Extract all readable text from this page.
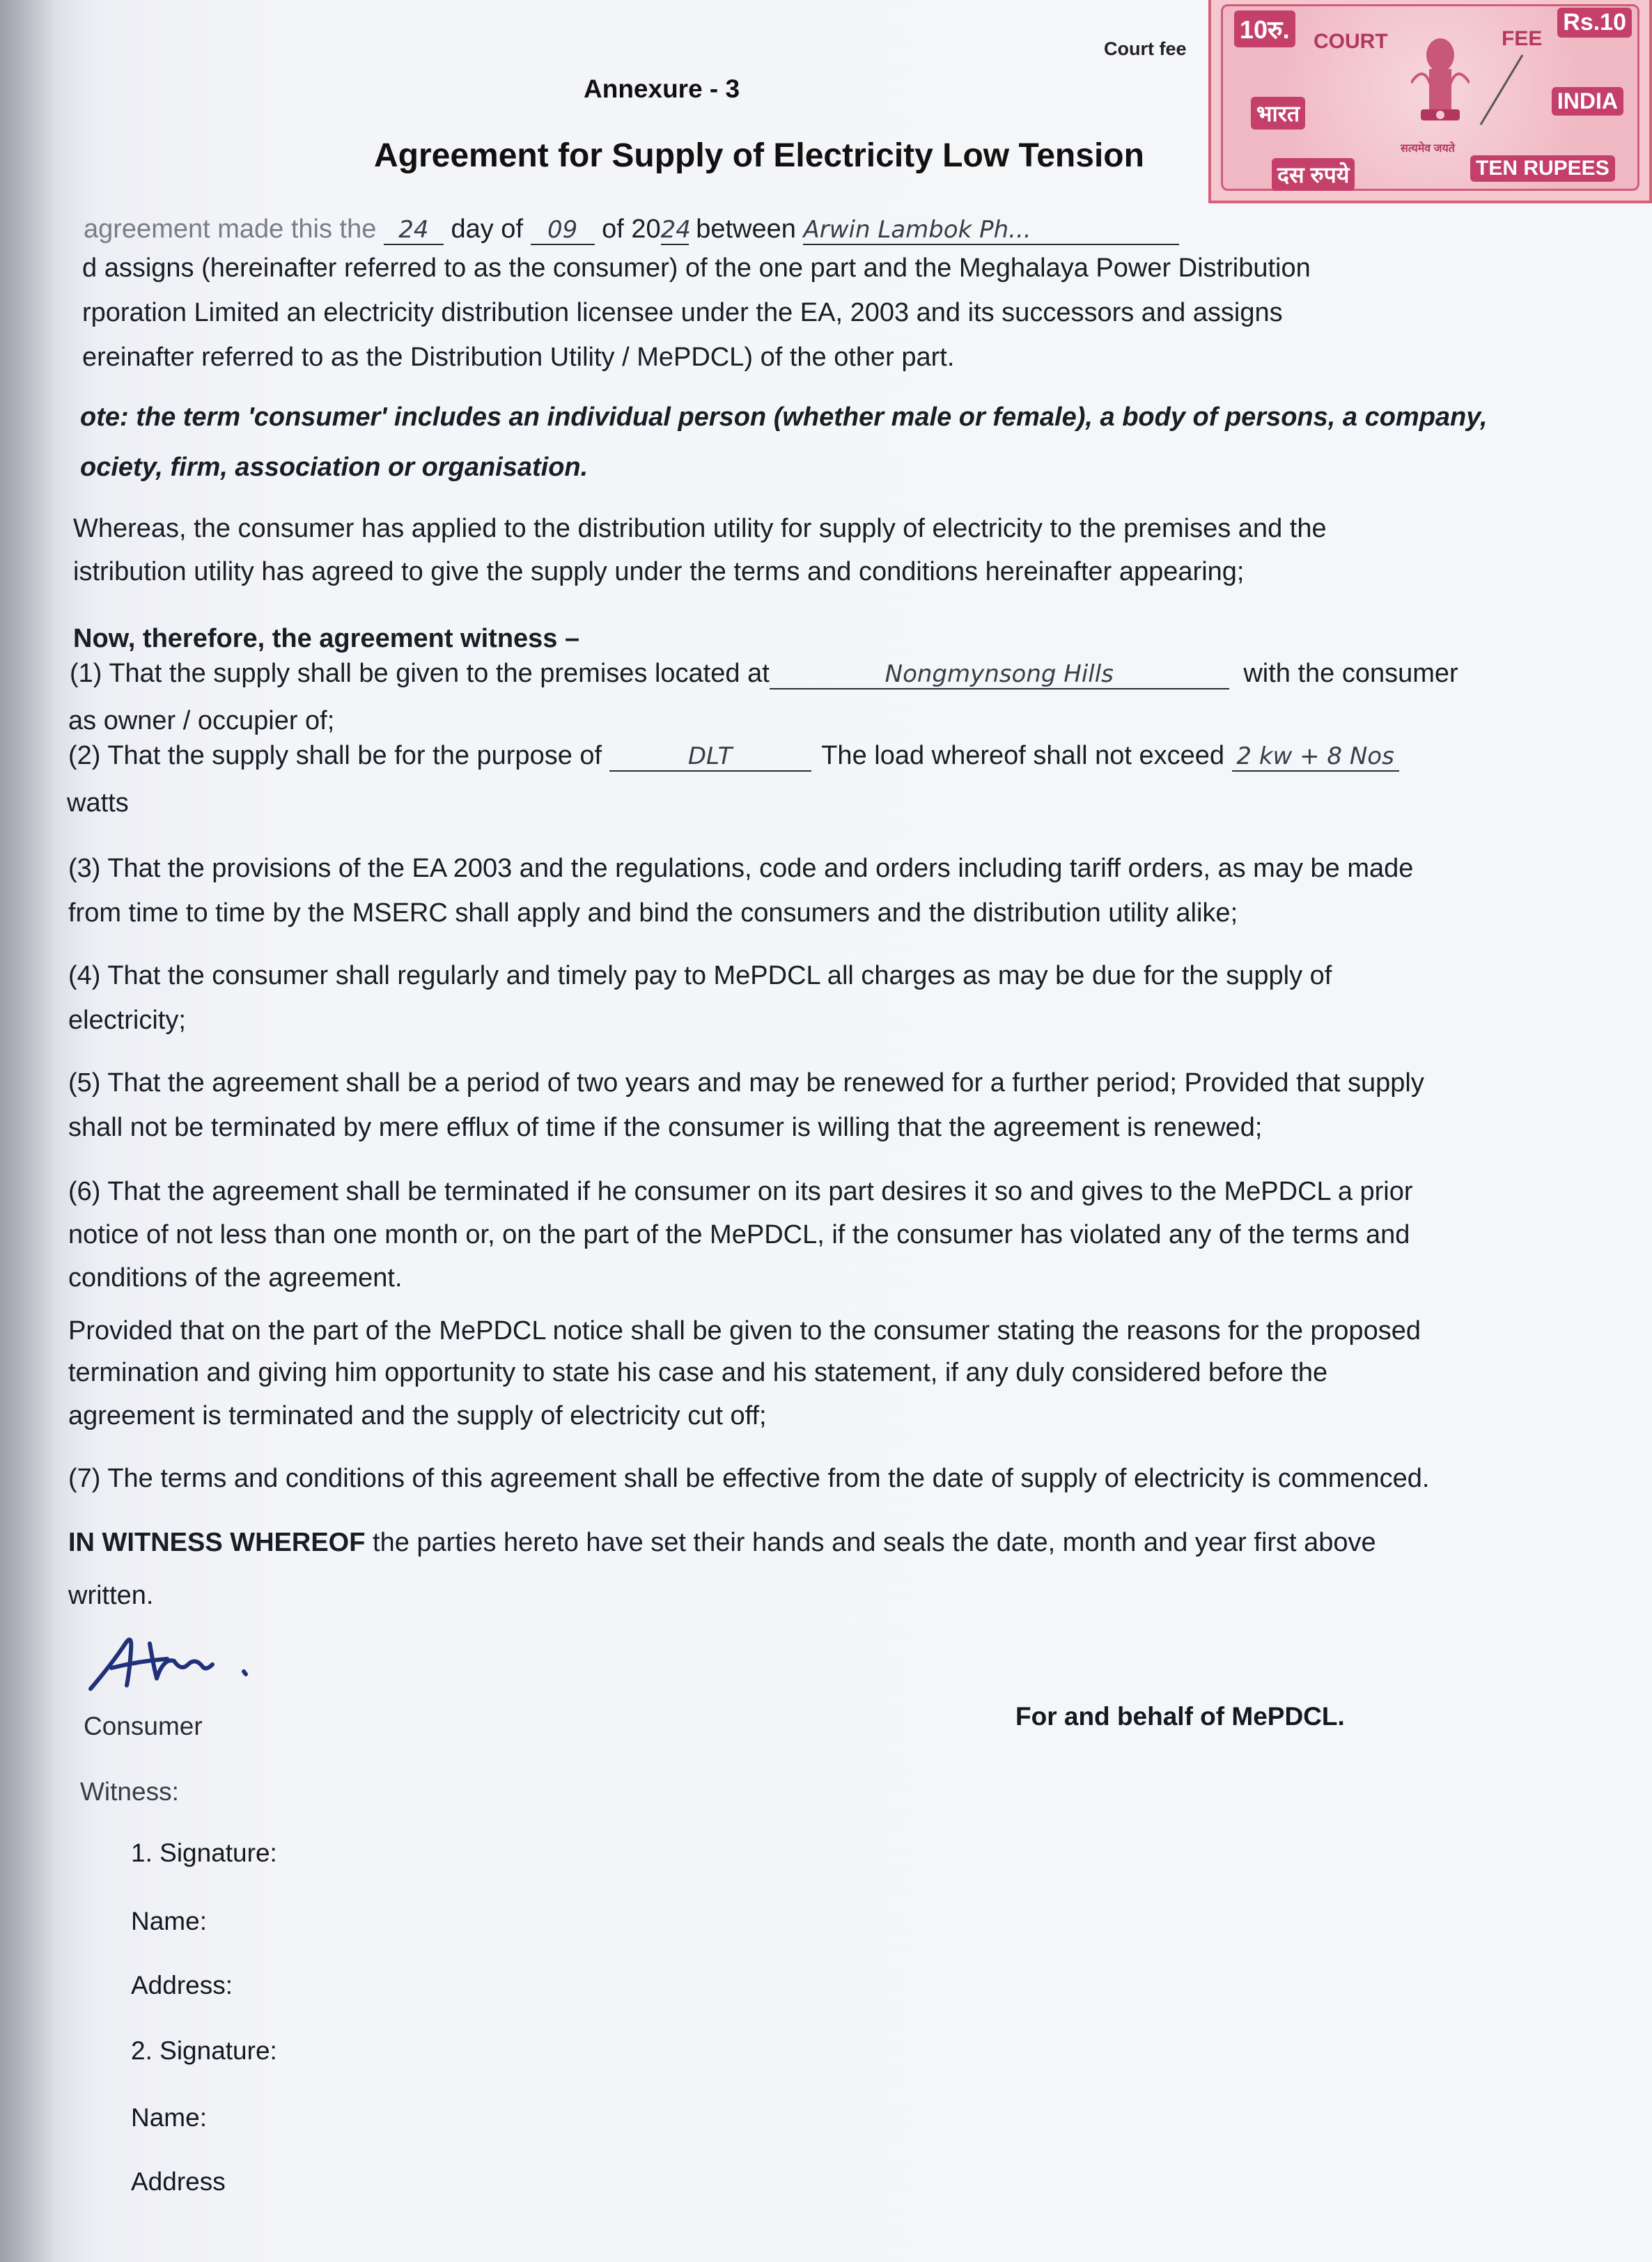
Court fee
10रु.	Rs.10
COURT	FEE
भारत	INDIA
सत्यमेव जयते
दस रुपये	TEN RUPEES
Annexure - 3
Agreement for Supply of Electricity Low Tension
agreement made this the 24 day of 09 of 2024 between Arwin Lambok Ph...
d assigns (hereinafter referred to as the consumer) of the one part and the Meghalaya Power Distribution
rporation Limited an electricity distribution licensee under the EA, 2003 and its successors and assigns
ereinafter referred to as the Distribution Utility / MePDCL) of the other part.
ote: the term 'consumer' includes an individual person (whether male or female), a body of persons, a company,
ociety, firm, association or organisation.
Whereas, the consumer has applied to the distribution utility for supply of electricity to the premises and the
istribution utility has agreed to give the supply under the terms and conditions hereinafter appearing;
Now, therefore, the agreement witness –
(1) That the supply shall be given to the premises located at	Nongmynsong Hills	with the consumer
as owner / occupier of;
(2) That the supply shall be for the purpose of	DLT	The load whereof shall not exceed 2 kw + 8 Nos
watts
(3) That the provisions of the EA 2003 and the regulations, code and orders including tariff orders, as may be made
from time to time by the MSERC shall apply and bind the consumers and the distribution utility alike;
(4) That the consumer shall regularly and timely pay to MePDCL all charges as may be due for the supply of
electricity;
(5) That the agreement shall be a period of two years and may be renewed for a further period; Provided that supply
shall not be terminated by mere efflux of time if the consumer is willing that the agreement is renewed;
(6) That the agreement shall be terminated if he consumer on its part desires it so and gives to the MePDCL a prior
notice of not less than one month or, on the part of the MePDCL, if the consumer has violated any of the terms and
conditions of the agreement.
Provided that on the part of the MePDCL notice shall be given to the consumer stating the reasons for the proposed
termination and giving him opportunity to state his case and his statement, if any duly considered before the
agreement is terminated and the supply of electricity cut off;
(7) The terms and conditions of this agreement shall be effective from the date of supply of electricity is commenced.
IN WITNESS WHEREOF the parties hereto have set their hands and seals the date, month and year first above
written.
Consumer	For and behalf of MePDCL.
Witness:
1. Signature:
Name:
Address:
2. Signature:
Name:
Address
